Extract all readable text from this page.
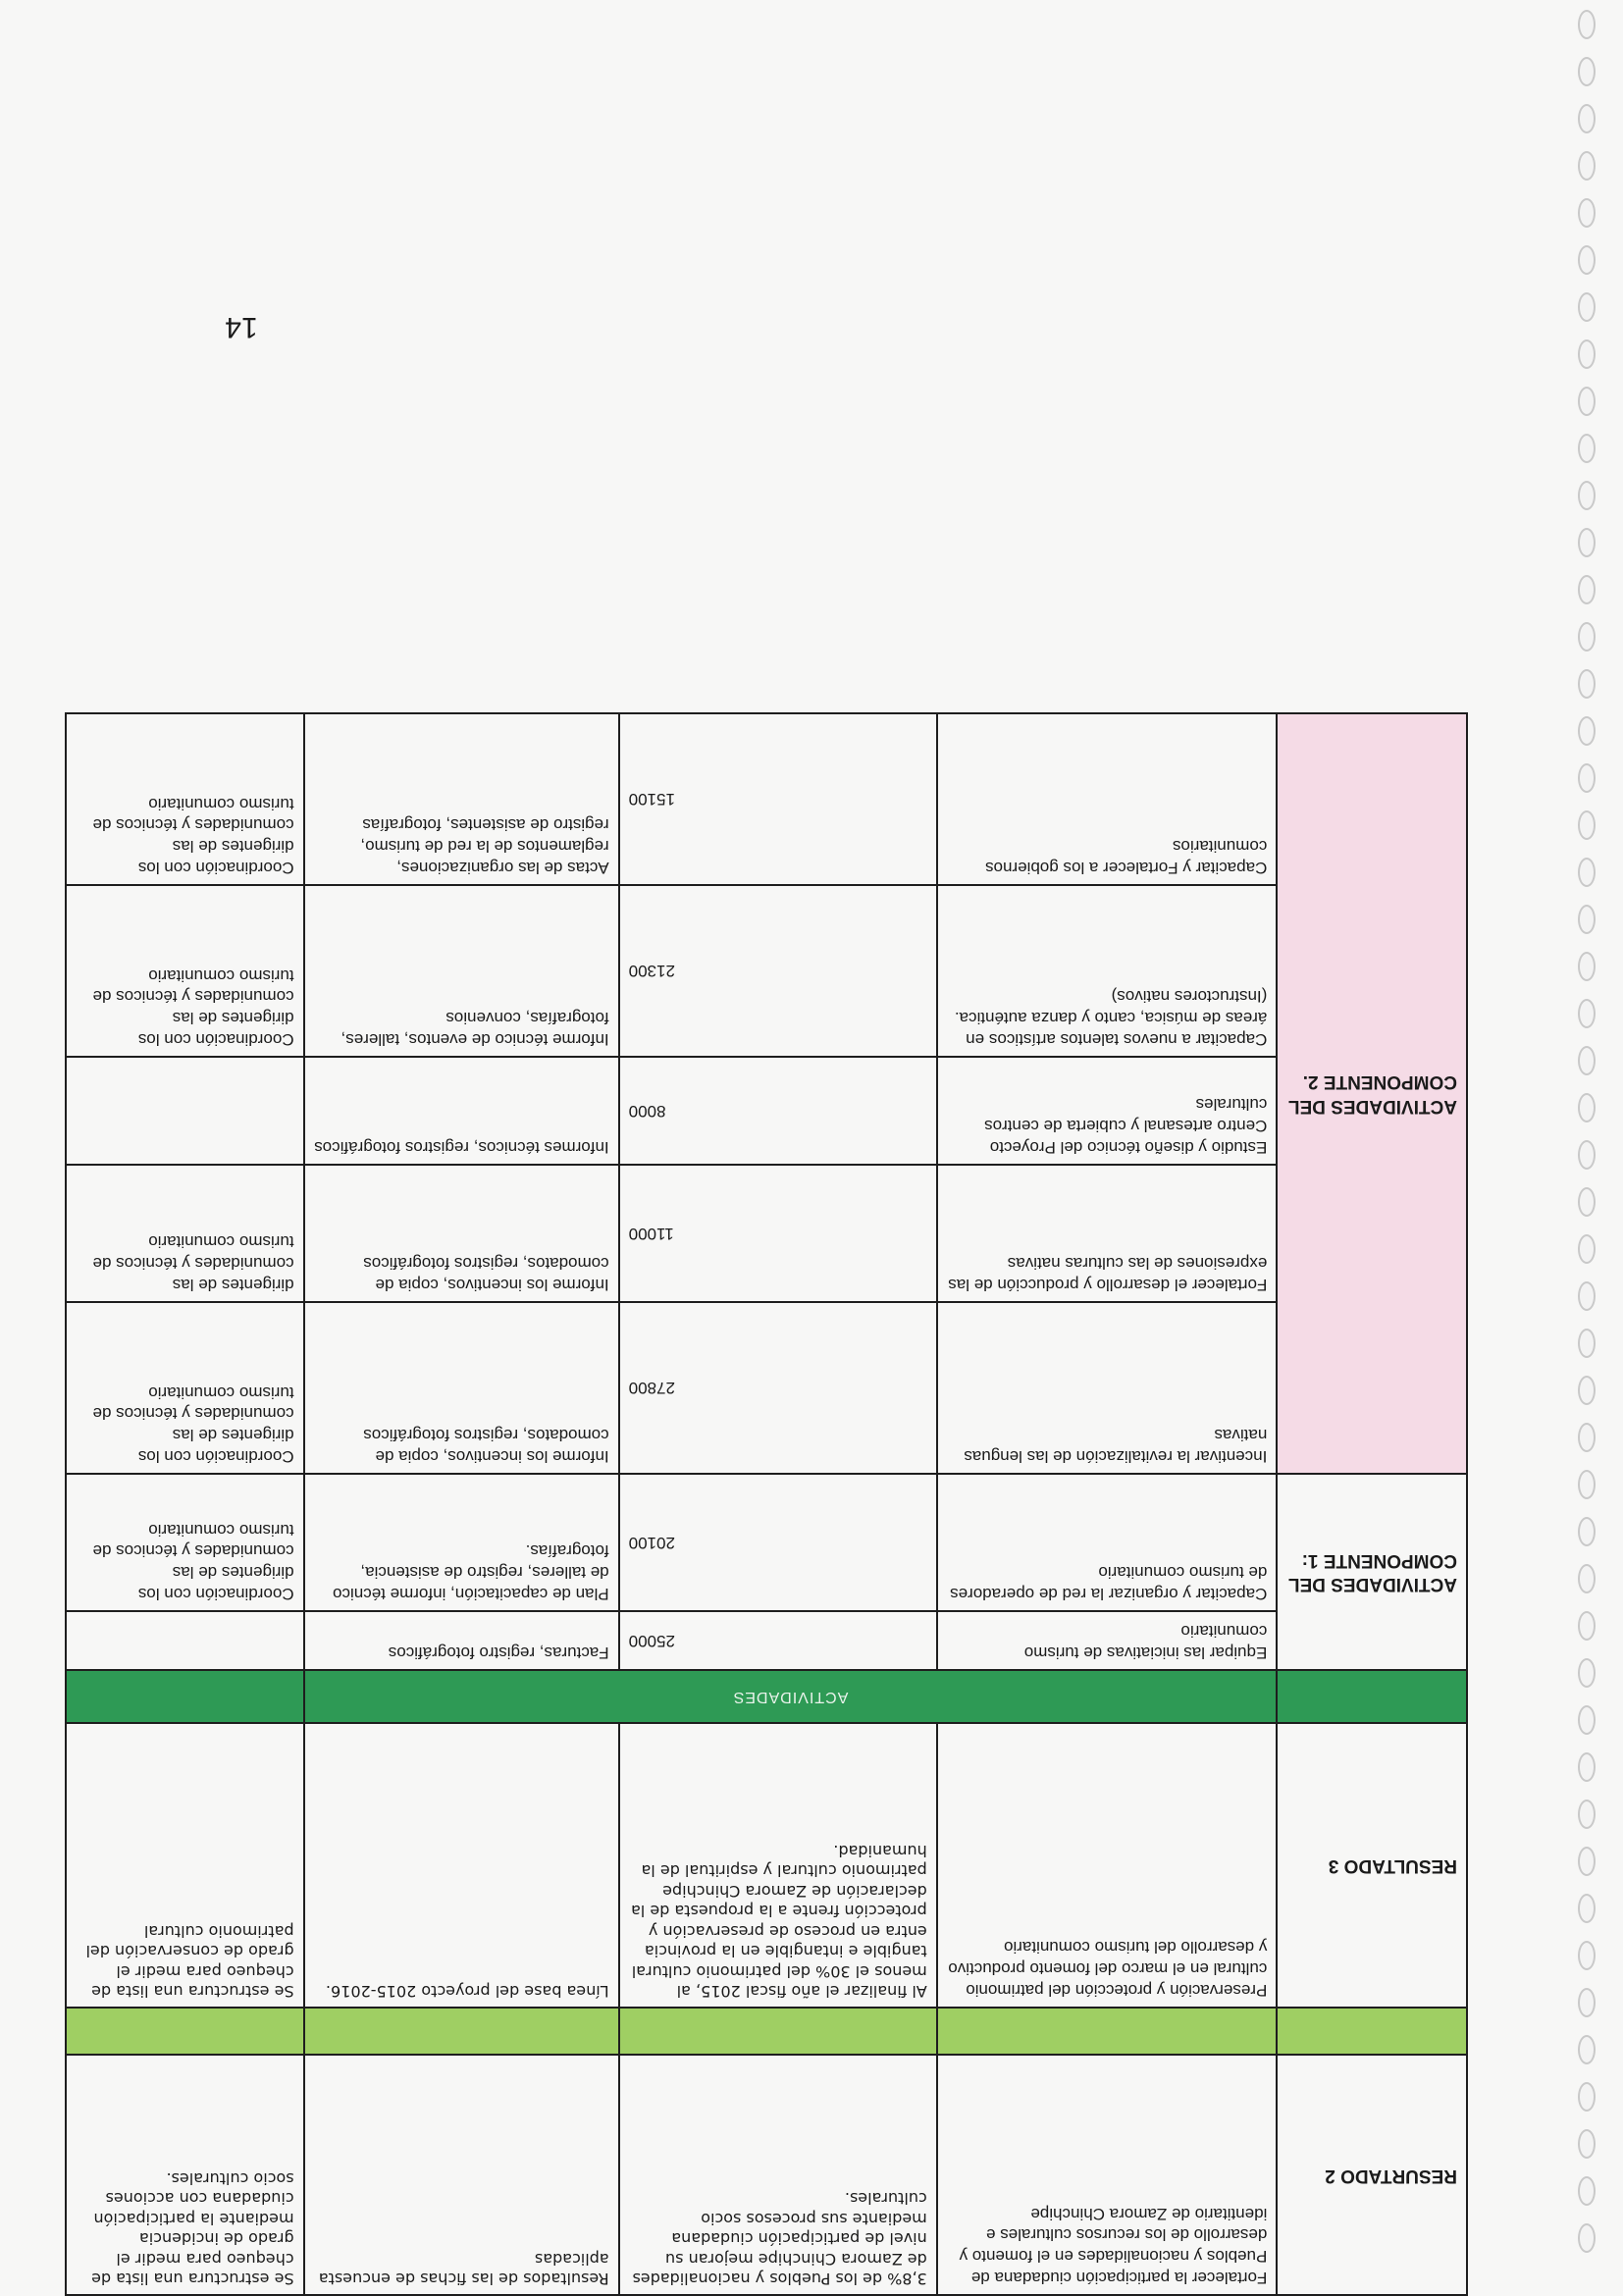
RESURTADO 2	Fortalecer la participación ciudadana de Pueblos y nacionalidades en el fomento y desarrollo de los recursos culturales e identitario de Zamora Chinchipe	3,8% de los Pueblos y nacionalidades de Zamora Chinchipe mejoran su nivel de participación ciudadana mediante sus procesos socio culturales.	Resultados de las fichas de encuesta aplicadas	Se estructura una lista de chequeo para medir el grado de incidencia mediante la participación ciudadana con acciones socio culturales.

RESULTADO 3	Preservación y protección del patrimonio cultural en el marco del fomento productivo y desarrollo del turismo comunitario	Al finalizar el año fiscal 2015, al menos el 30% del patrimonio cultural tangible e intangible en la provincia entra en proceso de preservación y protección frente a la propuesta de la declaración de Zamora Chinchipe patrimonio cultural y espiritual de la humanidad.	Línea base del proyecto 2015-2016.	Se estructura una lista de chequeo para medir el grado de conservación del patrimonio cultural
	ACTIVIDADES			
ACTIVIDADES DEL COMPONENTE 1:	Equipar las iniciativas de turismo comunitario	25000	Facturas, registro fotográficos	
	Capacitar y organizar la red de operadores de turismo comunitario	20100	Plan de capacitación, informe técnico de talleres, registro de asistencia, fotografías.	Coordinación con los dirigentes de las comunidades y técnicos de turismo comunitario
ACTIVIDADES DEL COMPONENTE 2.	Incentivar la revitalización de las lenguas nativas	27800	Informe los incentivos, copia de comodatos, registros fotográficos	Coordinación con los dirigentes de las comunidades y técnicos de turismo comunitario
	Fortalecer el desarrollo y producción de las expresiones de las culturas nativas	11000	Informe los incentivos, copia de comodatos, registros fotográficos	dirigentes de las comunidades y técnicos de turismo comunitario
	Estudio y diseño técnico del Proyecto Centro artesanal y cubierta de centros culturales	8000	Informes técnicos, registros fotográficos	
	Capacitar a nuevos talentos artísticos en áreas de música, canto y danza auténtica.(Instructores nativos)	21300	Informe técnico de eventos, talleres, fotografías, convenios	Coordinación con los dirigentes de las comunidades y técnicos de turismo comunitario
	Capacitar y Fortalecer a los gobiernos comunitarios	15100	Actas de las organizaciones, reglamentos de la red de turismo, registro de asistentes, fotografías	Coordinación con los dirigentes de las comunidades y técnicos de turismo comunitario
14
